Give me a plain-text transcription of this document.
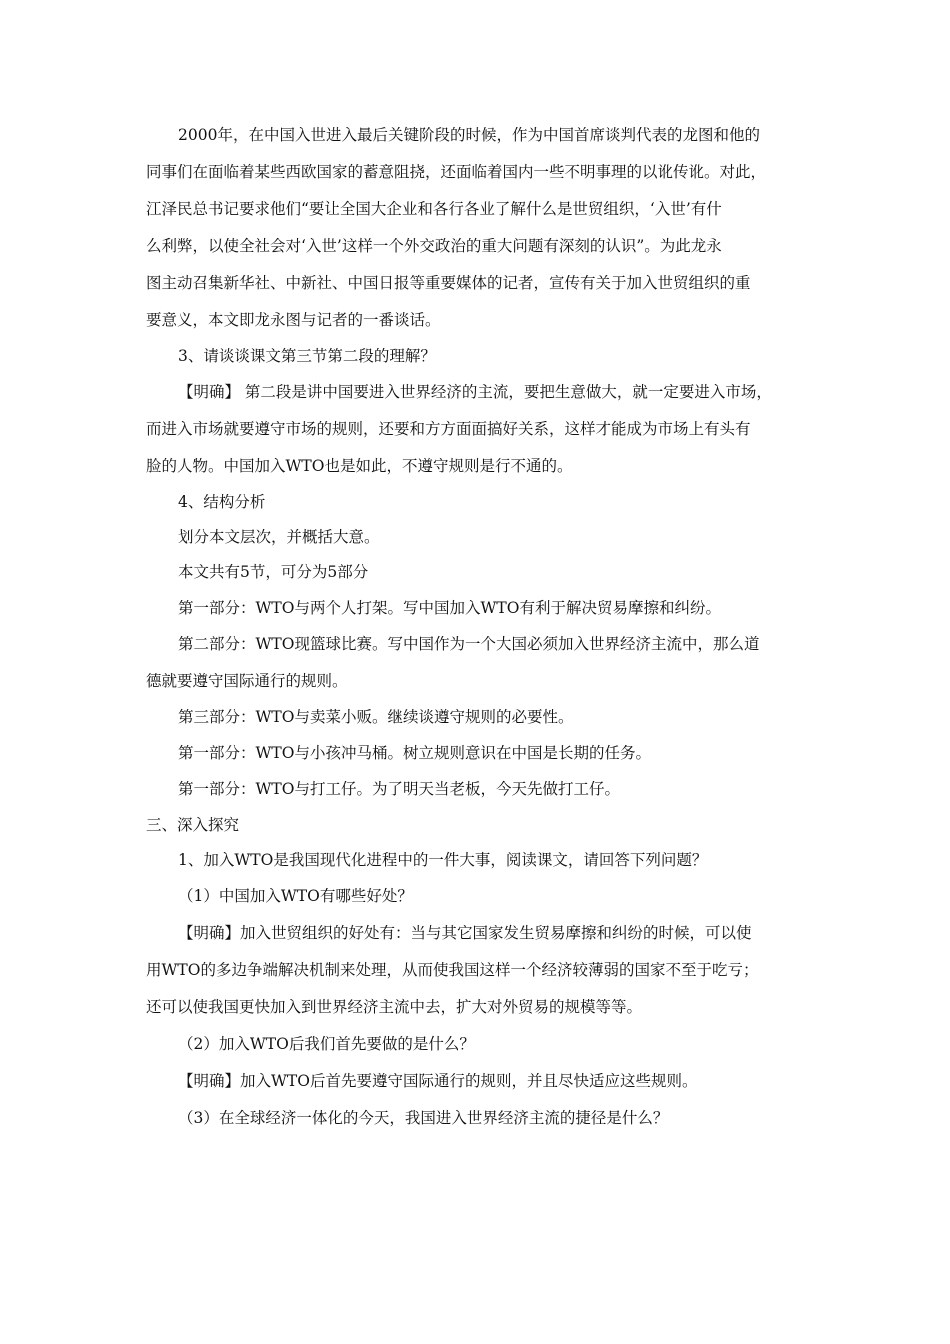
2000年，在中国入世进入最后关键阶段的时候，作为中国首席谈判代表的龙图和他的
同事们在面临着某些西欧国家的蓄意阻挠，还面临着国内一些不明事理的以讹传讹。对此，
江泽民总书记要求他们“要让全国大企业和各行各业了解什么是世贸组织，‘入世’有什
么利弊，以使全社会对‘入世’这样一个外交政治的重大问题有深刻的认识”。为此龙永
图主动召集新华社、中新社、中国日报等重要媒体的记者，宣传有关于加入世贸组织的重
要意义，本文即龙永图与记者的一番谈话。
3、请谈谈课文第三节第二段的理解？
【明确】 第二段是讲中国要进入世界经济的主流，要把生意做大，就一定要进入市场，
而进入市场就要遵守市场的规则，还要和方方面面搞好关系，这样才能成为市场上有头有
脸的人物。中国加入WTO也是如此，不遵守规则是行不通的。
4、结构分析
划分本文层次，并概括大意。
本文共有5节，可分为5部分
第一部分：WTO与两个人打架。写中国加入WTO有利于解决贸易摩擦和纠纷。
第二部分：WTO现篮球比赛。写中国作为一个大国必须加入世界经济主流中，那么道
德就要遵守国际通行的规则。
第三部分：WTO与卖菜小贩。继续谈遵守规则的必要性。
第一部分：WTO与小孩冲马桶。树立规则意识在中国是长期的任务。
第一部分：WTO与打工仔。为了明天当老板，今天先做打工仔。
三、深入探究
1、加入WTO是我国现代化进程中的一件大事，阅读课文，请回答下列问题？
（1）中国加入WTO有哪些好处？
【明确】加入世贸组织的好处有：当与其它国家发生贸易摩擦和纠纷的时候，可以使
用WTO的多边争端解决机制来处理，从而使我国这样一个经济较薄弱的国家不至于吃亏；
还可以使我国更快加入到世界经济主流中去，扩大对外贸易的规模等等。
（2）加入WTO后我们首先要做的是什么？
【明确】加入WTO后首先要遵守国际通行的规则，并且尽快适应这些规则。
（3）在全球经济一体化的今天，我国进入世界经济主流的捷径是什么？
